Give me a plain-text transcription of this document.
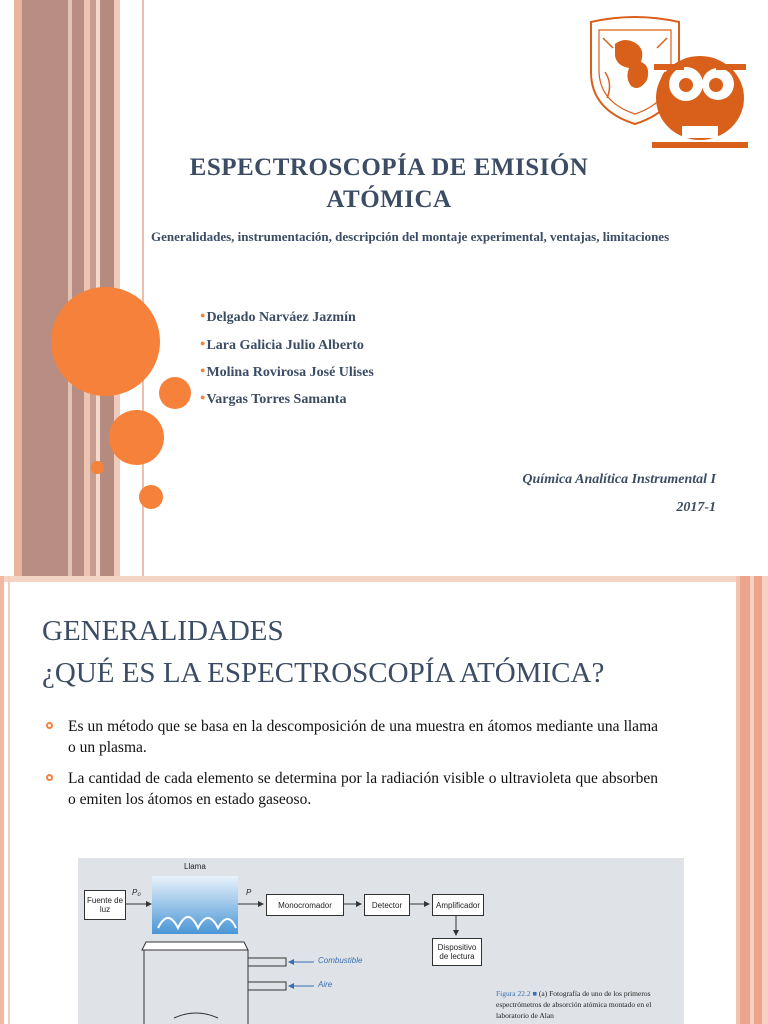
ESPECTROSCOPÍA DE EMISIÓN
ATÓMICA
Generalidades, instrumentación, descripción del montaje experimental, ventajas, limitaciones
●Delgado Narváez Jazmín
●Lara Galicia Julio Alberto
●Molina Rovirosa José Ulises
●Vargas Torres Samanta
Química Analítica Instrumental I
2017-1
GENERALIDADES
¿QUÉ ES LA ESPECTROSCOPÍA ATÓMICA?
Es un método que se basa en la descomposición de una muestra en átomos mediante una llama o un plasma.
La cantidad de cada elemento se determina por la radiación visible o ultravioleta que absorben o emiten los átomos en estado gaseoso.
Llama
Fuente de luz
P₀	P
Monocromador	Detector	Amplificador
Dispositivo de lectura
Combustible
Aire
Figura 22.2 ■ (a) Fotografía de uno de los primeros espectrómetros de absorción atómica montado en el laboratorio de Alan
